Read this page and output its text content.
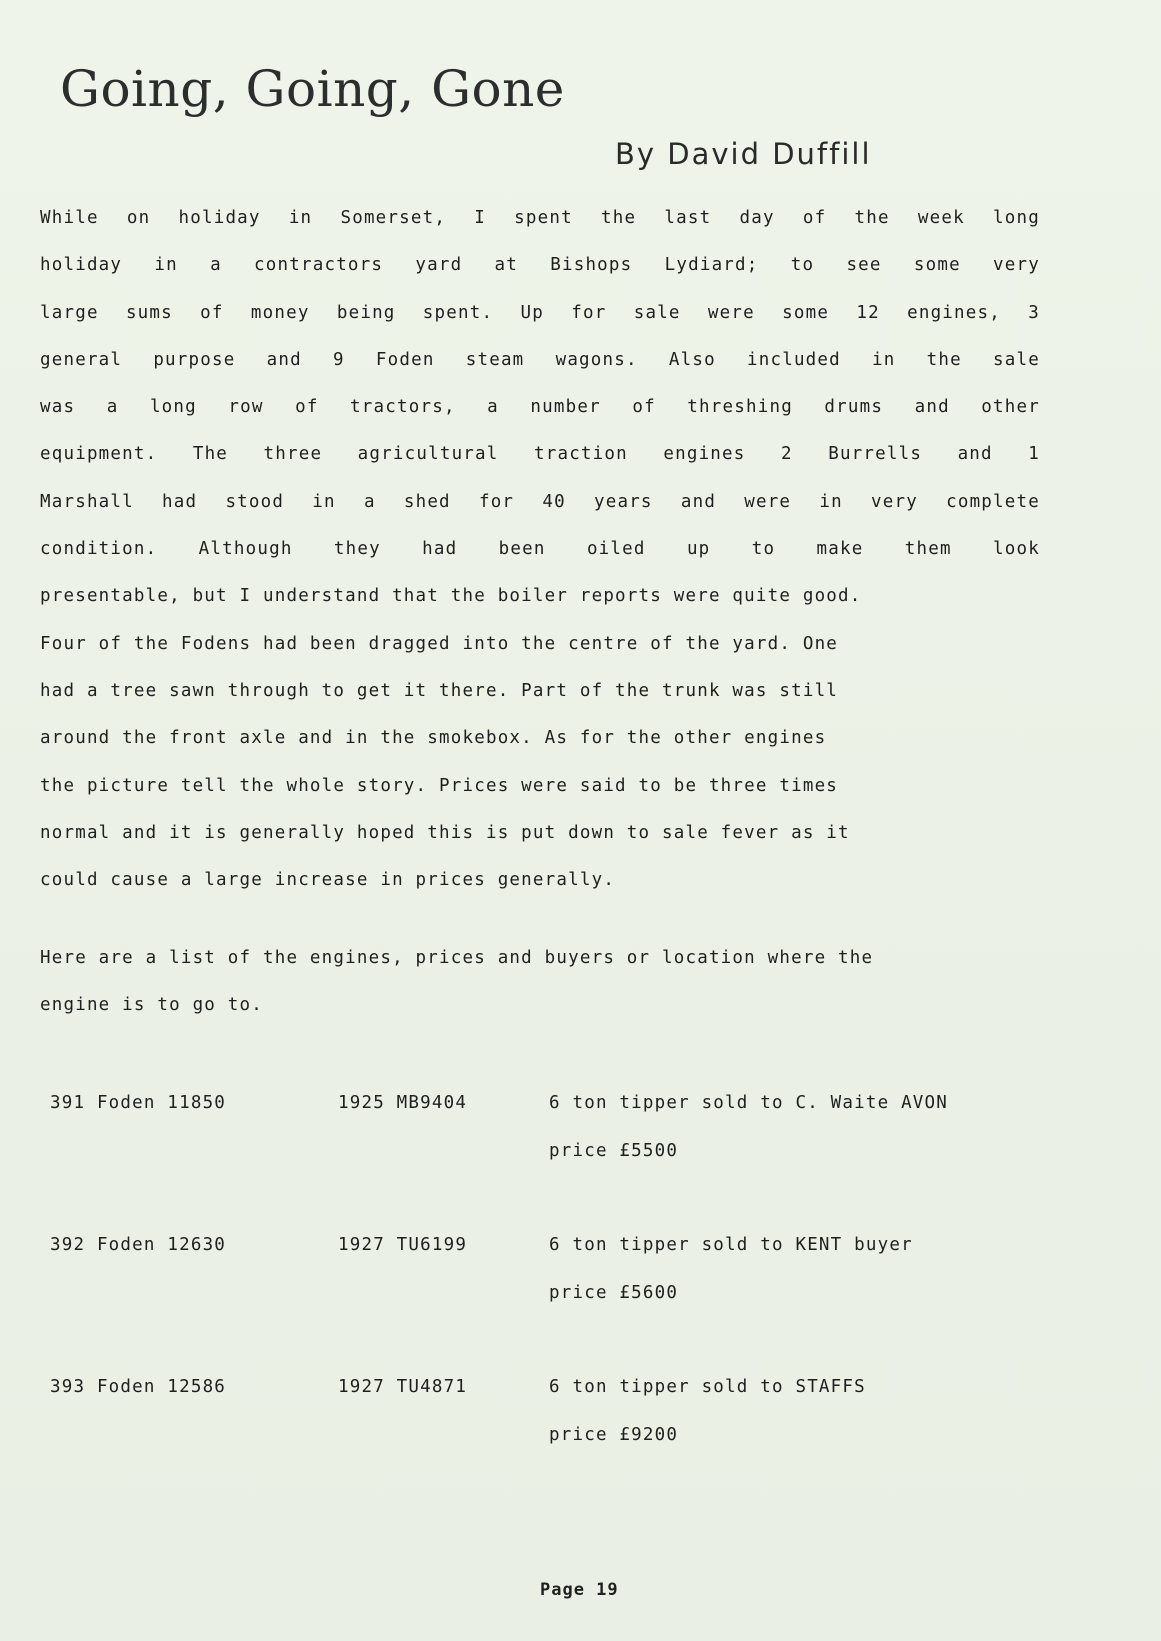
Going, Going, Gone
By David Duffill
While on holiday in Somerset, I spent the last day of the week long
holiday in a contractors yard at Bishops Lydiard; to see some very
large sums of money being spent. Up for sale were some 12 engines, 3
general purpose and 9 Foden steam wagons. Also included in the sale
was a long row of tractors, a number of threshing drums and other
equipment. The three agricultural traction engines 2 Burrells and 1
Marshall had stood in a shed for 40 years and were in very complete
condition. Although they had been oiled up to make them look
presentable, but I understand that the boiler reports were quite good.
Four of the Fodens had been dragged into the centre of the yard. One
had a tree sawn through to get it there. Part of the trunk was still
around the front axle and in the smokebox. As for the other engines
the picture tell the whole story. Prices were said to be three times
normal and it is generally hoped this is put down to sale fever as it
could cause a large increase in prices generally.
Here are a list of the engines, prices and buyers or location where the
engine is to go to.
391 Foden 11850	1925 MB9404	6 ton tipper sold to C. Waite AVON
price £5500
392 Foden 12630	1927 TU6199	6 ton tipper sold to KENT buyer
price £5600
393 Foden 12586	1927 TU4871	6 ton tipper sold to STAFFS
price £9200
Page 19
